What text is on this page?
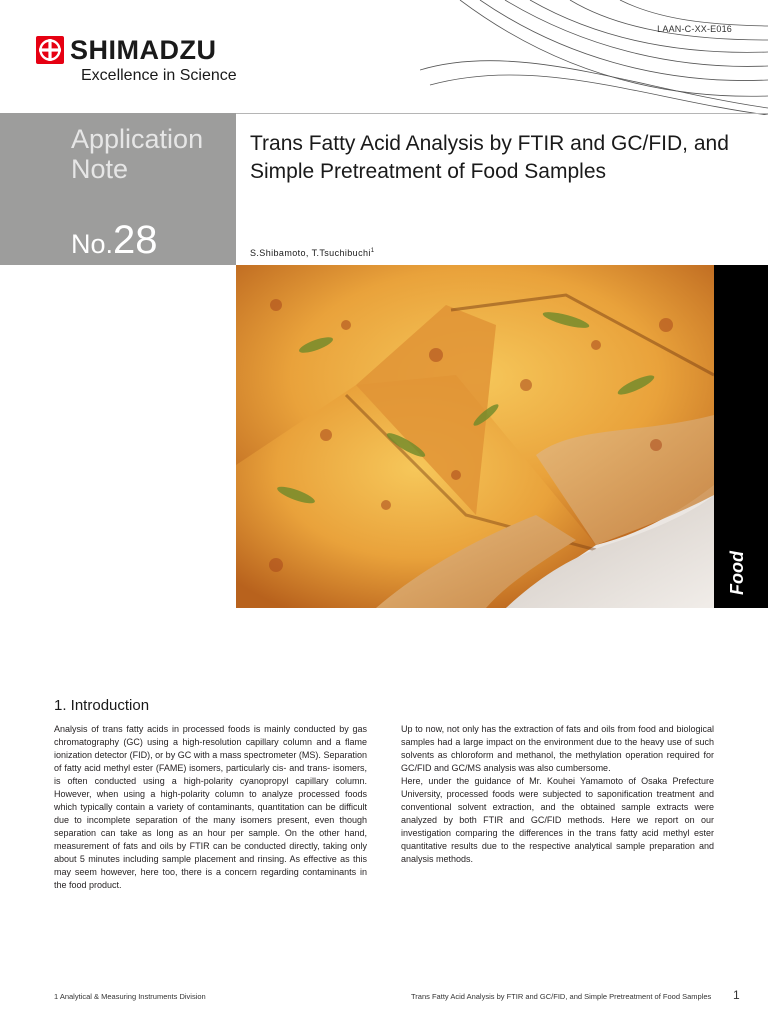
LAAN-C-XX-E016
SHIMADZU
Excellence in Science
Application Note
No.28
Trans Fatty Acid Analysis by FTIR and GC/FID, and Simple Pretreatment of Food Samples
S.Shibamoto, T.Tsuchibuchi$^1$
Food
1. Introduction

Analysis of trans fatty acids in processed foods is mainly conducted by gas chromatography (GC) using a high-resolution capillary column and a flame ionization detector (FID), or by GC with a mass spectrometer (MS). Separation of fatty acid methyl ester (FAME) isomers, particularly cis- and trans- isomers, is often conducted using a high-polarity cyanopropyl capillary column. However, when using a high-polarity column to analyze processed foods which typically contain a variety of contaminants, quantitation can be difficult due to incomplete separation of the many isomers present, even though separation can take as long as an hour per sample. On the other hand, measurement of fats and oils by FTIR can be conducted directly, taking only about 5 minutes including sample placement and rinsing. As effective as this may seem however, here too, there is a concern regarding contaminants in the food product.

Up to now, not only has the extraction of fats and oils from food and biological samples had a large impact on the environment due to the heavy use of such solvents as chloroform and methanol, the methylation operation required for GC/FID and GC/MS analysis was also cumbersome.

Here, under the guidance of Mr. Kouhei Yamamoto of Osaka Prefecture University, processed foods were subjected to saponification treatment and conventional solvent extraction, and the obtained sample extracts were analyzed by both FTIR and GC/FID methods. Here we report on our investigation comparing the differences in the trans fatty acid methyl ester quantitative results due to the respective analytical sample preparation and analysis methods.

1 Analytical & Measuring Instruments Division	Trans Fatty Acid Analysis by FTIR and GC/FID, and Simple Pretreatment of Food Samples 1
